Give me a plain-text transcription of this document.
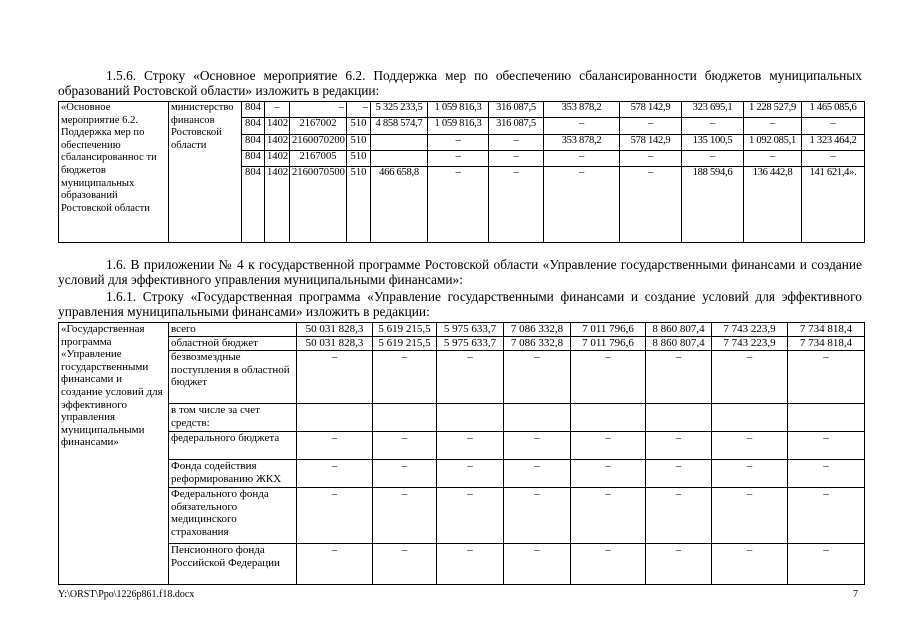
1.5.6. Строку «Основное мероприятие 6.2. Поддержка мер по обеспечению сбалансированности бюджетов муниципальных образований Ростовской области» изложить в редакции:
«Основное мероприятие 6.2. Поддержка мер по обеспечению сбалансированнос ти бюджетов муниципальных образований Ростовской области	министерство финансов Ростовской области	804	–	–	–	5 325 233,5	1 059 816,3	316 087,5	353 878,2	578 142,9	323 695,1	1 228 527,9	1 465 085,6
		804	1402	2167002	510	4 858 574,7	1 059 816,3	316 087,5	–	–	–	–	–
		804	1402	2160070200	510		–	–	353 878,2	578 142,9	135 100,5	1 092 085,1	1 323 464,2
		804	1402	2167005	510		–	–	–	–	–	–	–
		804	1402	2160070500	510	466 658,8	–	–	–	–	188 594,6	136 442,8	141 621,4».
1.6. В приложении № 4 к государственной программе Ростовской области «Управление государственными финансами и создание условий для эффективного управления муниципальными финансами»:
1.6.1. Строку «Государственная программа «Управление государственными финансами и создание условий для эффективного управления муниципальными финансами» изложить в редакции:
«Государственная программа «Управление государственными финансами и создание условий для эффективного управления муниципальными финансами»	всего	50 031 828,3	5 619 215,5	5 975 633,7	7 086 332,8	7 011 796,6	8 860 807,4	7 743 223,9	7 734 818,4
	областной бюджет	50 031 828,3	5 619 215,5	5 975 633,7	7 086 332,8	7 011 796,6	8 860 807,4	7 743 223,9	7 734 818,4
	безвозмездные поступления в областной бюджет	–	–	–	–	–	–	–	–
	в том числе за счет средств:								
	федерального бюджета	–	–	–	–	–	–	–	–
	Фонда содействия реформированию ЖКХ	–	–	–	–	–	–	–	–
	Федерального фонда обязательного медицинского страхования	–	–	–	–	–	–	–	–
	Пенсионного фонда Российской Федерации	–	–	–	–	–	–	–	–
Y:\ORST\Ppo\1226p861.f18.docx	7
